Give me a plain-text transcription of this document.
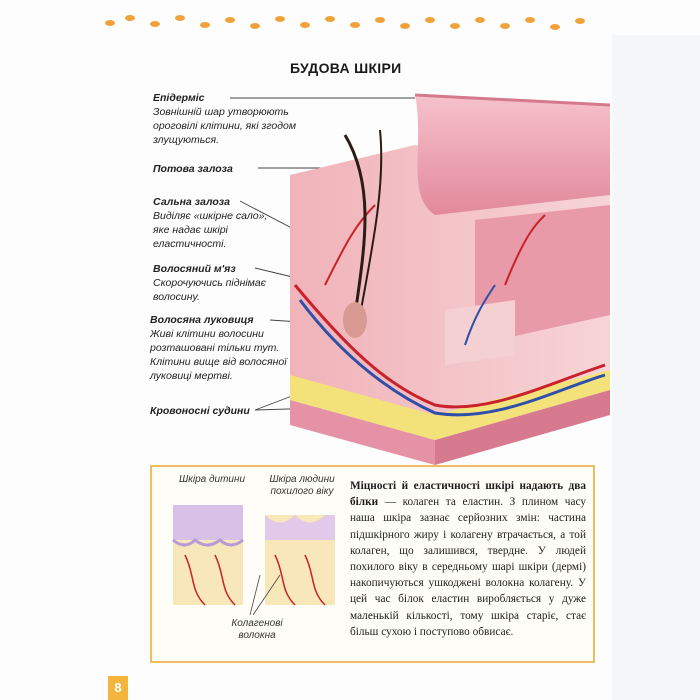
БУДОВА ШКІРИ
Епідерміс
Зовнішній шар утворюють ороговілі клітини, які згодом злущуються.
Потова залоза
Сальна залоза
Виділяє «шкірне сало», яке надає шкірі еластичності.
Волосяний м'яз
Скорочуючись піднімає волосину.
Волосяна луковиця
Живі клітини волосини розташовані тільки тут. Клітини вище від волосяної луковиці мертві.
Кровоносні судини
Шкіра дитини	Шкіра людини похилого віку
Колагенові волокна
Міцності й еластичності шкірі надають два білки — колаген та еластин. З плином часу наша шкіра зазнає серйозних змін: частина підшкірного жиру і колагену втрачається, а той колаген, що залишився, твердне. У людей похилого віку в середньому шарі шкіри (дермі) накопичуються ушкоджені волокна колагену. У цей час білок еластин виробляється у дуже маленькій кількості, тому шкіра старіє, стає більш сухою і поступово обвисає.
8
